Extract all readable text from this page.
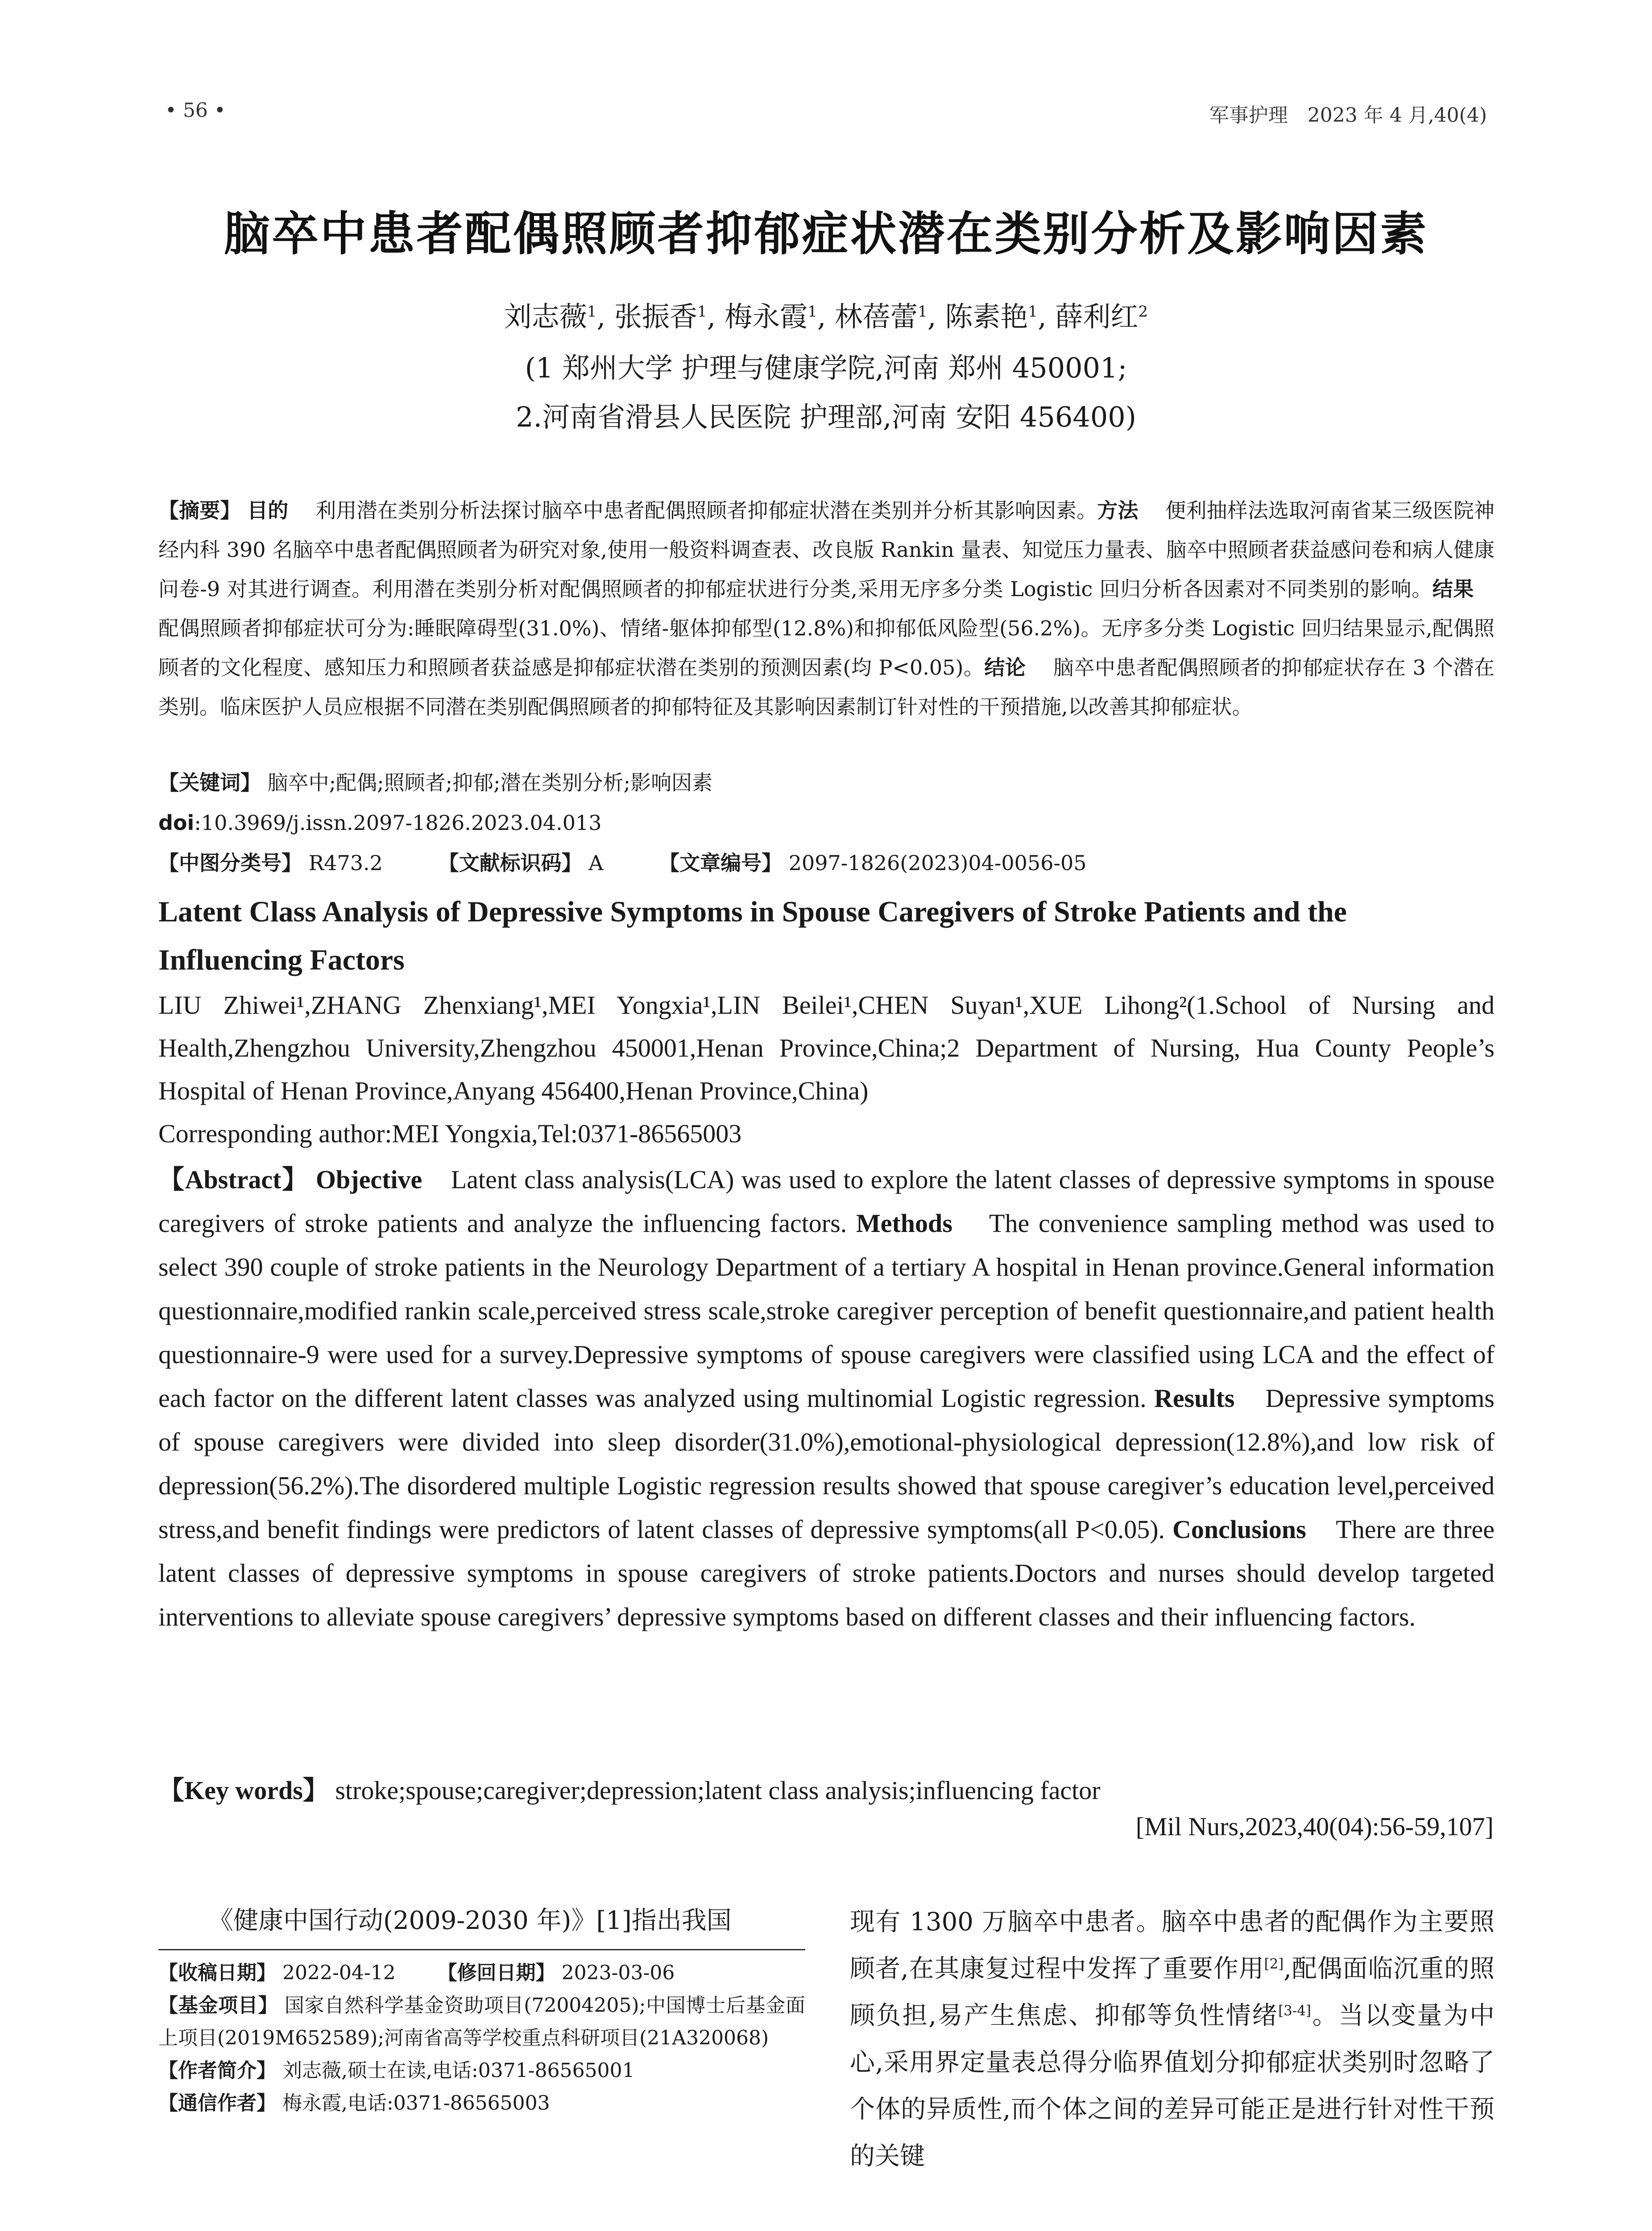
• 56 •	军事护理　2023 年 4 月,40(4)
脑卒中患者配偶照顾者抑郁症状潜在类别分析及影响因素
刘志薇$^1$, 张振香$^1$, 梅永霞$^1$, 林蓓蕾$^1$, 陈素艳$^1$, 薛利红$^2$
(1 郑州大学 护理与健康学院,河南 郑州 450001;
2.河南省滑县人民医院 护理部,河南 安阳 456400)
【摘要】 目的　 利用潜在类别分析法探讨脑卒中患者配偶照顾者抑郁症状潜在类别并分析其影响因素。方法　 便利抽样法选取河南省某三级医院神经内科 390 名脑卒中患者配偶照顾者为研究对象,使用一般资料调查表、改良版 Rankin 量表、知觉压力量表、脑卒中照顾者获益感问卷和病人健康问卷-9 对其进行调查。利用潜在类别分析对配偶照顾者的抑郁症状进行分类,采用无序多分类 Logistic 回归分析各因素对不同类别的影响。结果　 配偶照顾者抑郁症状可分为:睡眠障碍型(31.0%)、情绪-躯体抑郁型(12.8%)和抑郁低风险型(56.2%)。无序多分类 Logistic 回归结果显示,配偶照顾者的文化程度、感知压力和照顾者获益感是抑郁症状潜在类别的预测因素(均 P<0.05)。结论　 脑卒中患者配偶照顾者的抑郁症状存在 3 个潜在类别。临床医护人员应根据不同潜在类别配偶照顾者的抑郁特征及其影响因素制订针对性的干预措施,以改善其抑郁症状。
【关键词】 脑卒中;配偶;照顾者;抑郁;潜在类别分析;影响因素
doi:10.3969/j.issn.2097-1826.2023.04.013
【中图分类号】 R473.2	【文献标识码】 A	【文章编号】 2097-1826(2023)04-0056-05
Latent Class Analysis of Depressive Symptoms in Spouse Caregivers of Stroke Patients and the Influencing Factors
LIU Zhiwei¹,ZHANG Zhenxiang¹,MEI Yongxia¹,LIN Beilei¹,CHEN Suyan¹,XUE Lihong²(1.School of Nursing and Health,Zhengzhou University,Zhengzhou 450001,Henan Province,China;2 Department of Nursing, Hua County People’s Hospital of Henan Province,Anyang 456400,Henan Province,China)
Corresponding author:MEI Yongxia,Tel:0371-86565003
【Abstract】 Objective Latent class analysis(LCA) was used to explore the latent classes of depressive symptoms in spouse caregivers of stroke patients and analyze the influencing factors. Methods The convenience sampling method was used to select 390 couple of stroke patients in the Neurology Department of a tertiary A hospital in Henan province.General information questionnaire,modified rankin scale,perceived stress scale,stroke caregiver perception of benefit questionnaire,and patient health questionnaire-9 were used for a survey.Depressive symptoms of spouse caregivers were classified using LCA and the effect of each factor on the different latent classes was analyzed using multinomial Logistic regression. Results Depressive symptoms of spouse caregivers were divided into sleep disorder(31.0%),emotional-physiological depression(12.8%),and low risk of depression(56.2%).The disordered multiple Logistic regression results showed that spouse caregiver’s education level,perceived stress,and benefit findings were predictors of latent classes of depressive symptoms(all P<0.05). Conclusions There are three latent classes of depressive symptoms in spouse caregivers of stroke patients.Doctors and nurses should develop targeted interventions to alleviate spouse caregivers’ depressive symptoms based on different classes and their influencing factors.
【Key words】 stroke;spouse;caregiver;depression;latent class analysis;influencing factor
[Mil Nurs,2023,40(04):56-59,107]
《健康中国行动(2009-2030 年)》[1]指出我国
【收稿日期】 2022-04-12 【修回日期】 2023-03-06
【基金项目】 国家自然科学基金资助项目(72004205);中国博士后基金面上项目(2019M652589);河南省高等学校重点科研项目(21A320068)
【作者简介】 刘志薇,硕士在读,电话:0371-86565001
【通信作者】 梅永霞,电话:0371-86565003
现有 1300 万脑卒中患者。脑卒中患者的配偶作为主要照顾者,在其康复过程中发挥了重要作用[2],配偶面临沉重的照顾负担,易产生焦虑、抑郁等负性情绪[3-4]。当以变量为中心,采用界定量表总得分临界值划分抑郁症状类别时忽略了个体的异质性,而个体之间的差异可能正是进行针对性干预的关键
